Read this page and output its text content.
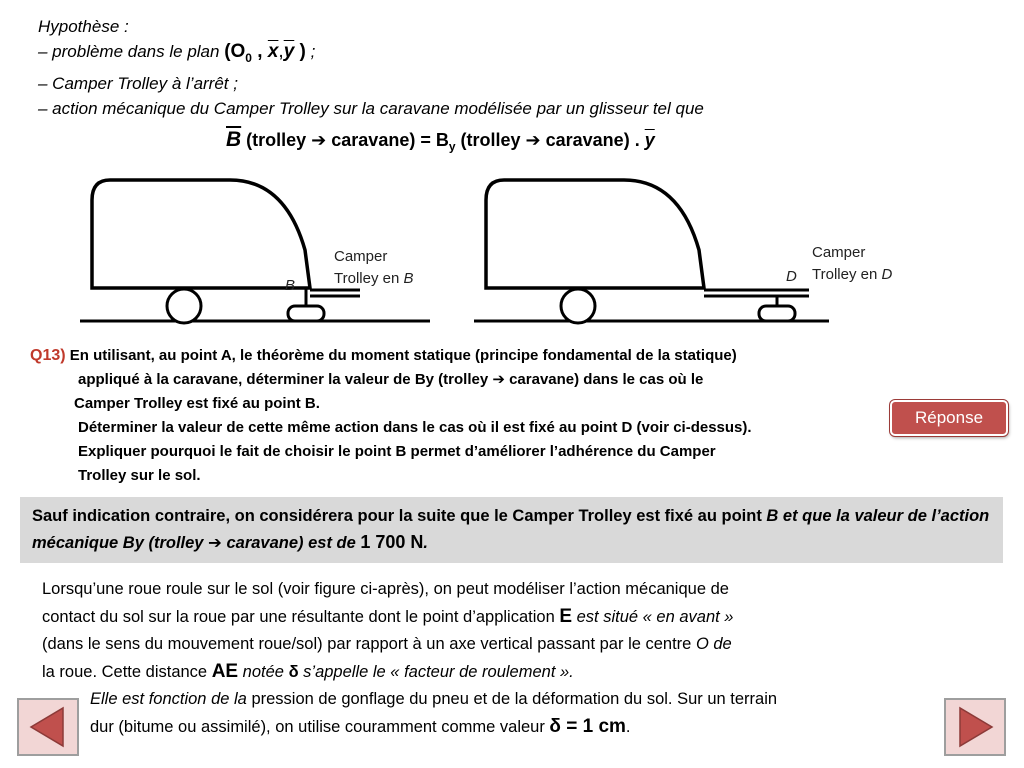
Hypothèse :
– problème dans le plan ($O_0$ , $\overline{x},\overline{y}$ ) ;
– Camper Trolley à l’arrêt ;
– action mécanique du Camper Trolley sur la caravane modélisée par un glisseur tel que
$\overline{B}$ (trolley ➔ caravane) = $B_y$ (trolley ➔ caravane) . $\overline{y}$
Camper
Trolley en B
B
Camper
Trolley en D
D
Q13) En utilisant, au point A, le théorème du moment statique (principe fondamental de la statique)
appliqué à la caravane, déterminer la valeur de By (trolley ➔ caravane) dans le cas où le
Camper Trolley est fixé au point B.
Déterminer la valeur de cette même action dans le cas où il est fixé au point D (voir ci-dessus).
Expliquer pourquoi le fait de choisir le point B permet d’améliorer l’adhérence du Camper
Trolley sur le sol.
Réponse
Sauf indication contraire, on considérera pour la suite que le Camper Trolley est fixé au point B et que la valeur de l’action mécanique By (trolley ➔ caravane) est de 1 700 N.
Lorsqu’une roue roule sur le sol (voir figure ci-après), on peut modéliser l’action mécanique de
contact du sol sur la roue par une résultante dont le point d’application E est situé « en avant »
(dans le sens du mouvement roue/sol) par rapport à un axe vertical passant par le centre O de
la roue. Cette distance AE notée δ s’appelle le « facteur de roulement ».
Elle est fonction de la pression de gonflage du pneu et de la déformation du sol. Sur un terrain
dur (bitume ou assimilé), on utilise couramment comme valeur δ = 1 cm.
